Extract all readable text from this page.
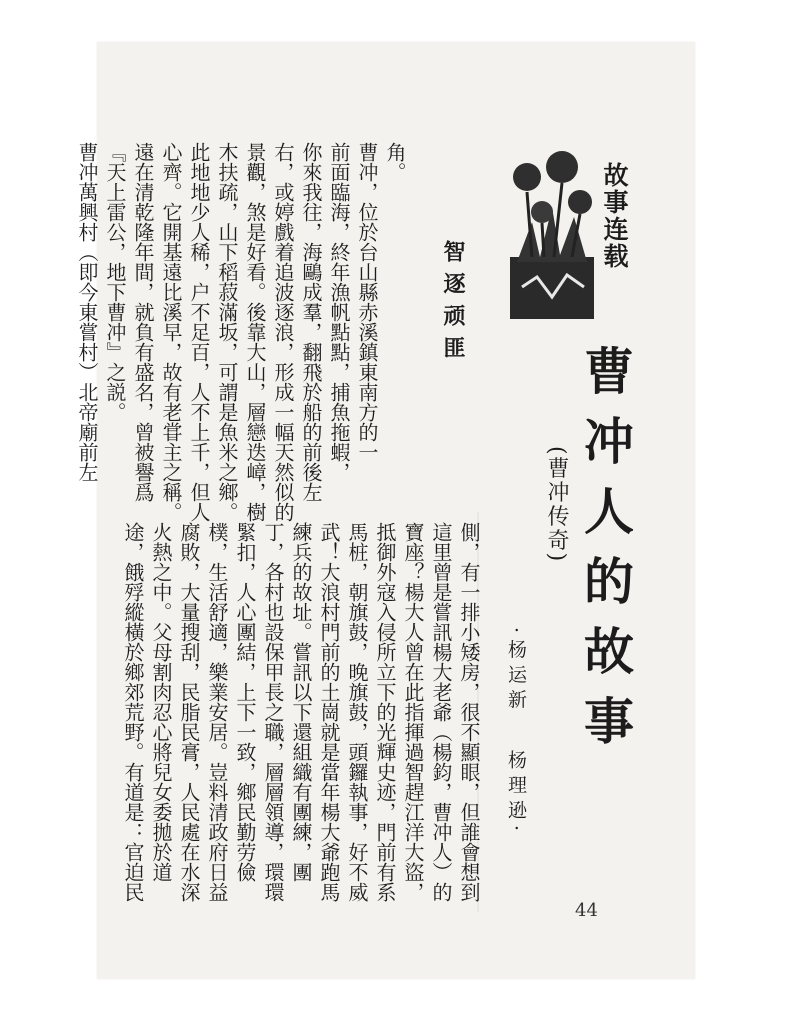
故事连载
曹冲人的故事
(曹冲传奇)
·杨运新
杨理逊·
智逐顽匪
角。
曹冲，位於台山縣赤溪鎮東南方的一
前面臨海，終年漁帆點點，捕魚拖蝦，
你來我往，海鷗成羣，翻飛於船的前後左
右，或婷戲着追波逐浪，形成一幅天然似的
景觀，煞是好看。後靠大山，層戀迭嶂，樹
木扶疏，山下稻菽滿坂，可謂是魚米之鄉。
此地地少人稀，户不足百，人不上千，但人
心齊。它開基遠比溪早，故有老甞主之稱。
遠在清乾隆年間，就負有盛名，曾被譽爲
『天上雷公，地下曹冲』之説。
曹冲萬興村（即今東嘗村）北帝廟前左
側，有一排小矮房，很不顯眼，但誰會想到
這里曾是嘗訊楊大老爺（楊鈞，曹冲人）的
寶座？楊大人曾在此指揮過智趕江洋大盜，
抵御外寇入侵所立下的光輝史迹，門前有系
馬桩，朝旗鼓，晚旗鼓，頭鑼執事，好不威
武！大浪村門前的土崗就是當年楊大爺跑馬
練兵的故址。嘗訊以下還組織有團練，團
丁，各村也設保甲長之職，層層領導，環環
緊扣，人心團結，上下一致，鄉民勤劳儉
樸，生活舒適，樂業安居。豈料清政府日益
腐敗，大量搜刮，民脂民膏，人民處在水深
火熱之中。父母割肉忍心將兒女委拋於道
途，餓殍縱橫於鄉郊荒野。有道是：官迫民
44
